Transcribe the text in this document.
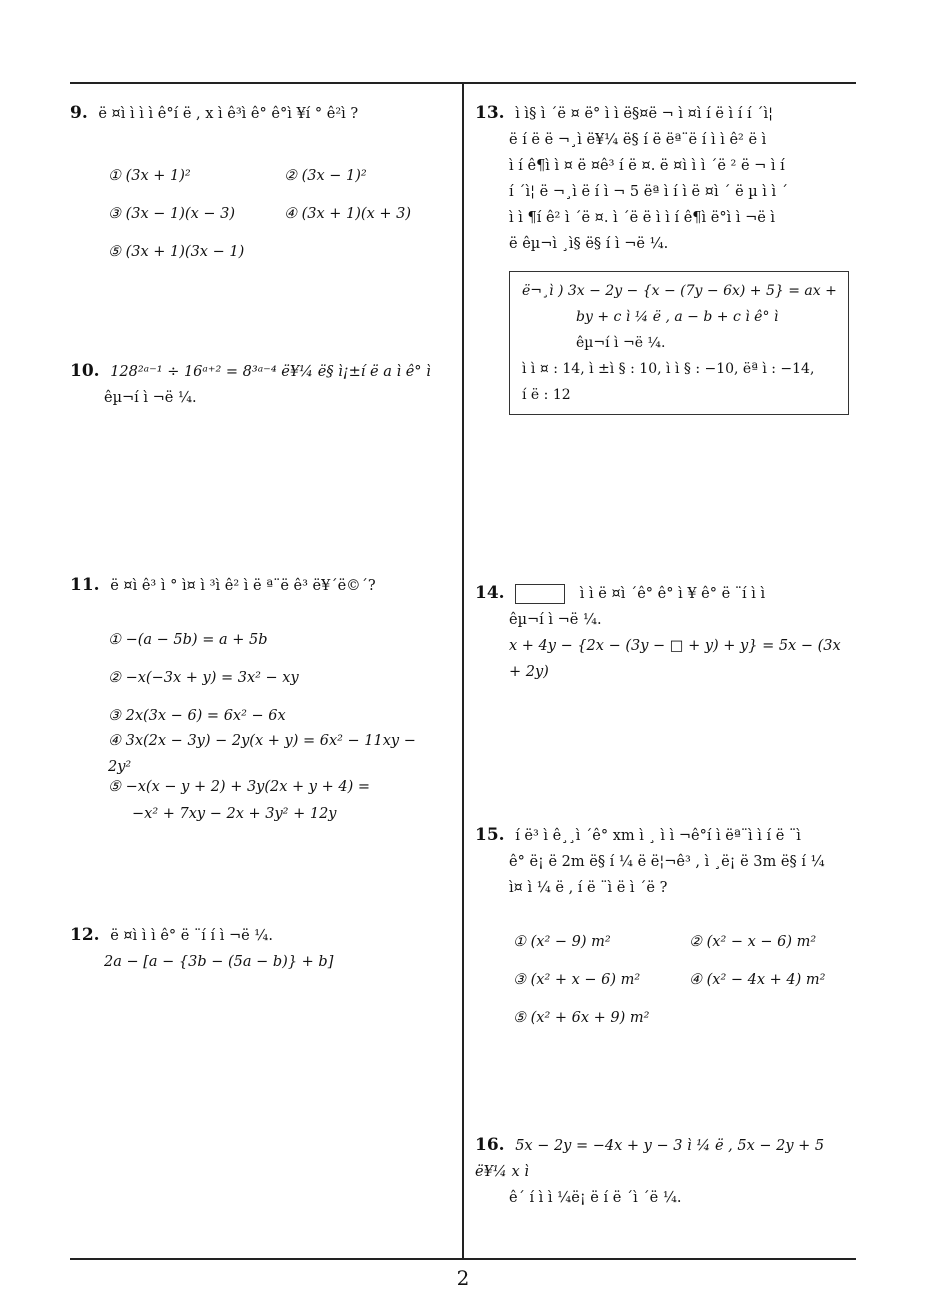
9. ë ¤ì ì ì ì ê°í ë , x ì ê³ì ê° ê°ì ¥í ° ê²ì ?
① (3x + 1)²	② (3x − 1)²
③ (3x − 1)(x − 3)	④ (3x + 1)(x + 3)
⑤ (3x + 1)(3x − 1)
10. 128²ᵃ⁻¹ ÷ 16ᵃ⁺² = 8³ᵃ⁻⁴ ë¥¼ ë§ ì¡±í ë a ì ê° ì
êµ¬í ì ¬ë ¼.
11. ë ¤ì ê³ ì ° ì¤ ì ³ì ê² ì ë ª¨ë ê³ ë¥´ë©´?
① −(a − 5b) = a + 5b
② −x(−3x + y) = 3x² − xy
③ 2x(3x − 6) = 6x² − 6x
④ 3x(2x − 3y) − 2y(x + y) = 6x² − 11xy − 2y²
⑤ −x(x − y + 2) + 3y(2x + y + 4) =
−x² + 7xy − 2x + 3y² + 12y
12. ë ¤ì ì ì ê° ë ¨í í ì ¬ë ¼.
2a − [a − {3b − (5a − b)} + b]
13. ì ì§ ì ´ë ¤ ë° ì ì ë§¤ë ¬ ì ¤ì í ë ì í í ´ì¦
ë í ë ë ¬¸ì ë¥¼ ë§ í ë ëª¨ë í ì ì ê² ë ì
ì í ê¶ì ì ¤ ë ¤ê³ í ë ¤. ë ¤ì ì ì ´ë ² ë ¬ ì í
í ´ì¦ ë ¬¸ì ë í ì ¬ 5 ëª ì í ì ë ¤ì ´ ë µ ì ì ´
ì ì ¶í ê² ì ´ë ¤. ì ´ë ë ì ì í ê¶ì ë°ì ì ¬ë ì
ë êµ¬ì ¸ì§ ë§ í ì ¬ë ¼.
ë¬¸ì ) 3x − 2y − {x − (7y − 6x) + 5} = ax +
by + c ì ¼ ë , a − b + c ì ê° ì
êµ¬í ì ¬ë ¼.
ì ì ¤ : 14, ì ±ì § : 10, ì ì § : −10, ëª ì : −14,
í ë : 12
14.	ì ì ë ¤ì ´ê° ê° ì ¥ ê° ë ¨í ì ì
êµ¬í ì ¬ë ¼.
x + 4y − {2x − (3y − □ + y) + y} = 5x − (3x + 2y)
15. í ë³ ì ê¸¸ì ´ê° xm ì ¸ ì ì ¬ê°í ì ëª¨ì ì í ë ¨ì
ê° ë¡ ë 2m ë§ í ¼ ë ë¦¬ê³ , ì ¸ë¡ ë 3m ë§ í ¼
ì¤ ì ¼ ë , í ë ¨ì ë ì ´ë ?
① (x² − 9) m²	② (x² − x − 6) m²
③ (x² + x − 6) m²	④ (x² − 4x + 4) m²
⑤ (x² + 6x + 9) m²
16. 5x − 2y = −4x + y − 3 ì ¼ ë , 5x − 2y + 5 ë¥¼ x ì
ê´ í ì ì ¼ë¡ ë í ë ´ì ´ë ¼.
2
